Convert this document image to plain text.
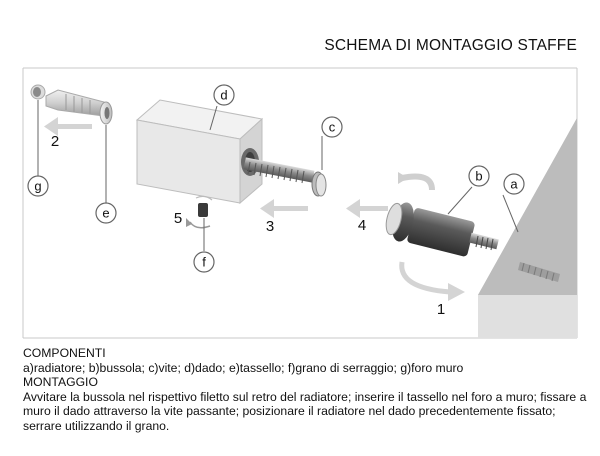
SCHEMA DI MONTAGGIO STAFFE
a
b
c
d
e
f
g
1
2
3	4
5
COMPONENTI
a)radiatore; b)bussola; c)vite; d)dado; e)tassello; f)grano di serraggio; g)foro muro
MONTAGGIO
Avvitare la bussola nel rispettivo filetto sul retro del radiatore; inserire il tassello nel foro a muro; fissare a muro il dado attraverso la vite passante; posizionare il radiatore nel dado precedentemente fissato; serrare utilizzando il grano.
